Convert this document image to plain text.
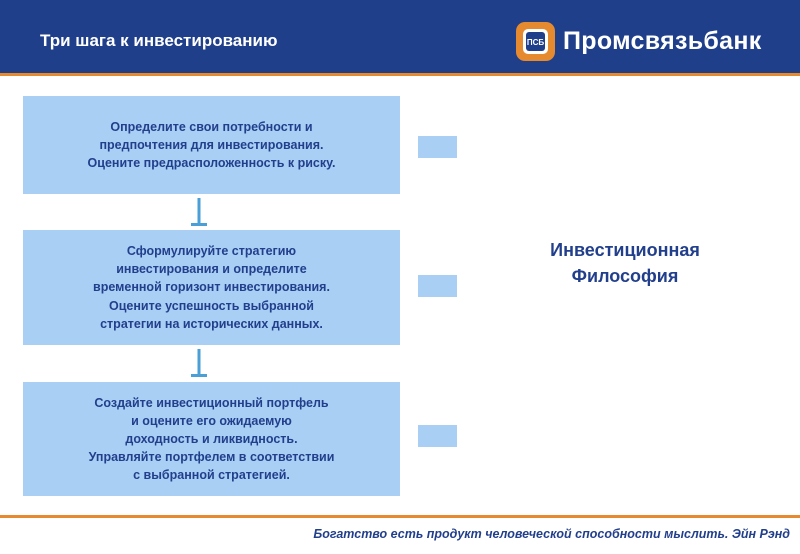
Три шага к инвестированию	ПСБ Промсвязьбанк
Определите свои потребности и
предпочтения для инвестирования.
Оцените предрасположенность к риску.
Сформулируйте стратегию
инвестирования и определите
временной горизонт инвестирования.
Оцените успешность выбранной
стратегии на исторических данных.
Создайте инвестиционный портфель
и оцените его ожидаемую
доходность и ликвидность.
Управляйте портфелем в соответствии
с выбранной стратегией.
Инвестиционная
Философия
Богатство есть продукт человеческой способности мыслить. Эйн Рэнд
